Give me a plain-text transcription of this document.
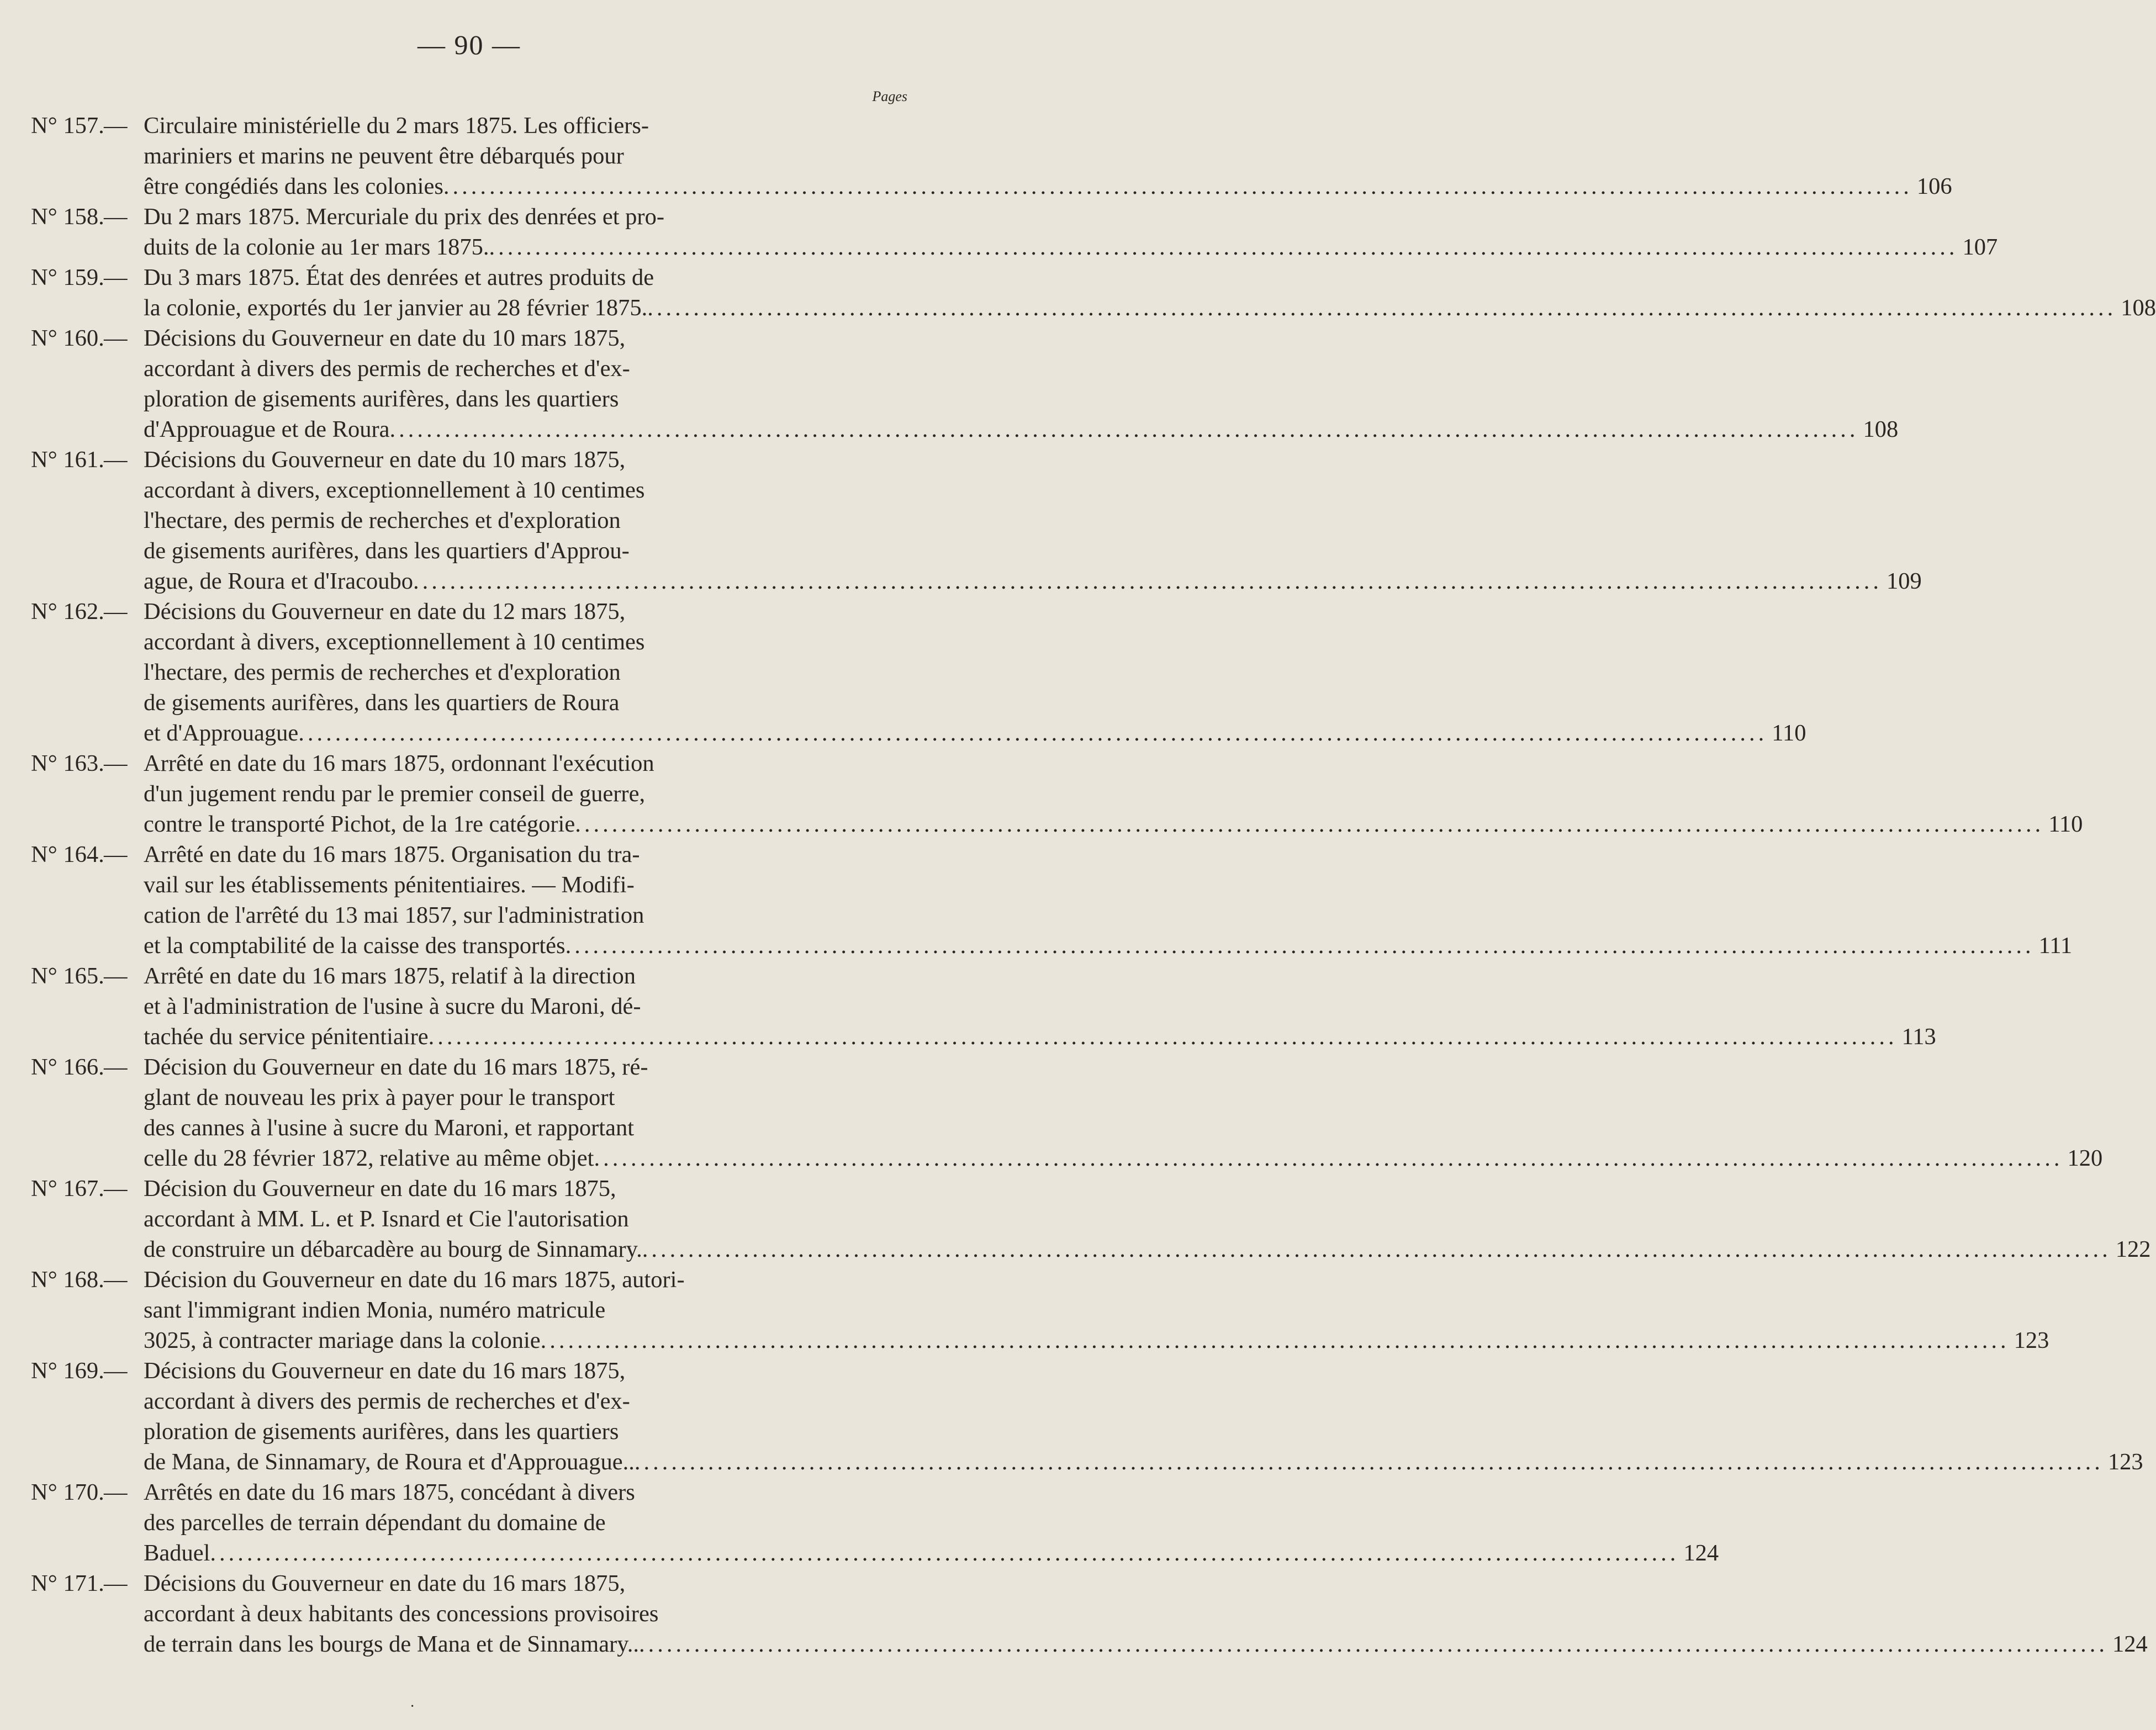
— 90 —
Pages
N° 157. — Circulaire ministérielle du 2 mars 1875. Les officiers-
mariniers et marins ne peuvent être débarqués pour
être congédiés dans les colonies .....	106
N° 158. — Du 2 mars 1875. Mercuriale du prix des denrées et pro-
duits de la colonie au 1er mars 1875. .....	107
N° 159. — Du 3 mars 1875. État des denrées et autres produits de
la colonie, exportés du 1er janvier au 28 février 1875. .....	108
N° 160. — Décisions du Gouverneur en date du 10 mars 1875,
accordant à divers des permis de recherches et d'ex-
ploration de gisements aurifères, dans les quartiers
d'Approuague et de Roura .....	108
N° 161. — Décisions du Gouverneur en date du 10 mars 1875,
accordant à divers, exceptionnellement à 10 centimes
l'hectare, des permis de recherches et d'exploration
de gisements aurifères, dans les quartiers d'Approu-
ague, de Roura et d'Iracoubo .....	109
N° 162. — Décisions du Gouverneur en date du 12 mars 1875,
accordant à divers, exceptionnellement à 10 centimes
l'hectare, des permis de recherches et d'exploration
de gisements aurifères, dans les quartiers de Roura
et d'Approuague .....	110
N° 163. — Arrêté en date du 16 mars 1875, ordonnant l'exécution
d'un jugement rendu par le premier conseil de guerre,
contre le transporté Pichot, de la 1re catégorie .....	110
N° 164. — Arrêté en date du 16 mars 1875. Organisation du tra-
vail sur les établissements pénitentiaires. — Modifi-
cation de l'arrêté du 13 mai 1857, sur l'administration
et la comptabilité de la caisse des transportés .....	111
N° 165. — Arrêté en date du 16 mars 1875, relatif à la direction
et à l'administration de l'usine à sucre du Maroni, dé-
tachée du service pénitentiaire .....	113
N° 166. — Décision du Gouverneur en date du 16 mars 1875, ré-
glant de nouveau les prix à payer pour le transport
des cannes à l'usine à sucre du Maroni, et rapportant
celle du 28 février 1872, relative au même objet .....	120
N° 167. — Décision du Gouverneur en date du 16 mars 1875,
accordant à MM. L. et P. Isnard et Cie l'autorisation
de construire un débarcadère au bourg de Sinnamary. .....	122
N° 168. — Décision du Gouverneur en date du 16 mars 1875, autori-
sant l'immigrant indien Monia, numéro matricule
3025, à contracter mariage dans la colonie .....	123
N° 169. — Décisions du Gouverneur en date du 16 mars 1875,
accordant à divers des permis de recherches et d'ex-
ploration de gisements aurifères, dans les quartiers
de Mana, de Sinnamary, de Roura et d'Approuague.. .....	123
N° 170. — Arrêtés en date du 16 mars 1875, concédant à divers
des parcelles de terrain dépendant du domaine de
Baduel .....	124
N° 171. — Décisions du Gouverneur en date du 16 mars 1875,
accordant à deux habitants des concessions provisoires
de terrain dans les bourgs de Mana et de Sinnamary.. .....	124
·
